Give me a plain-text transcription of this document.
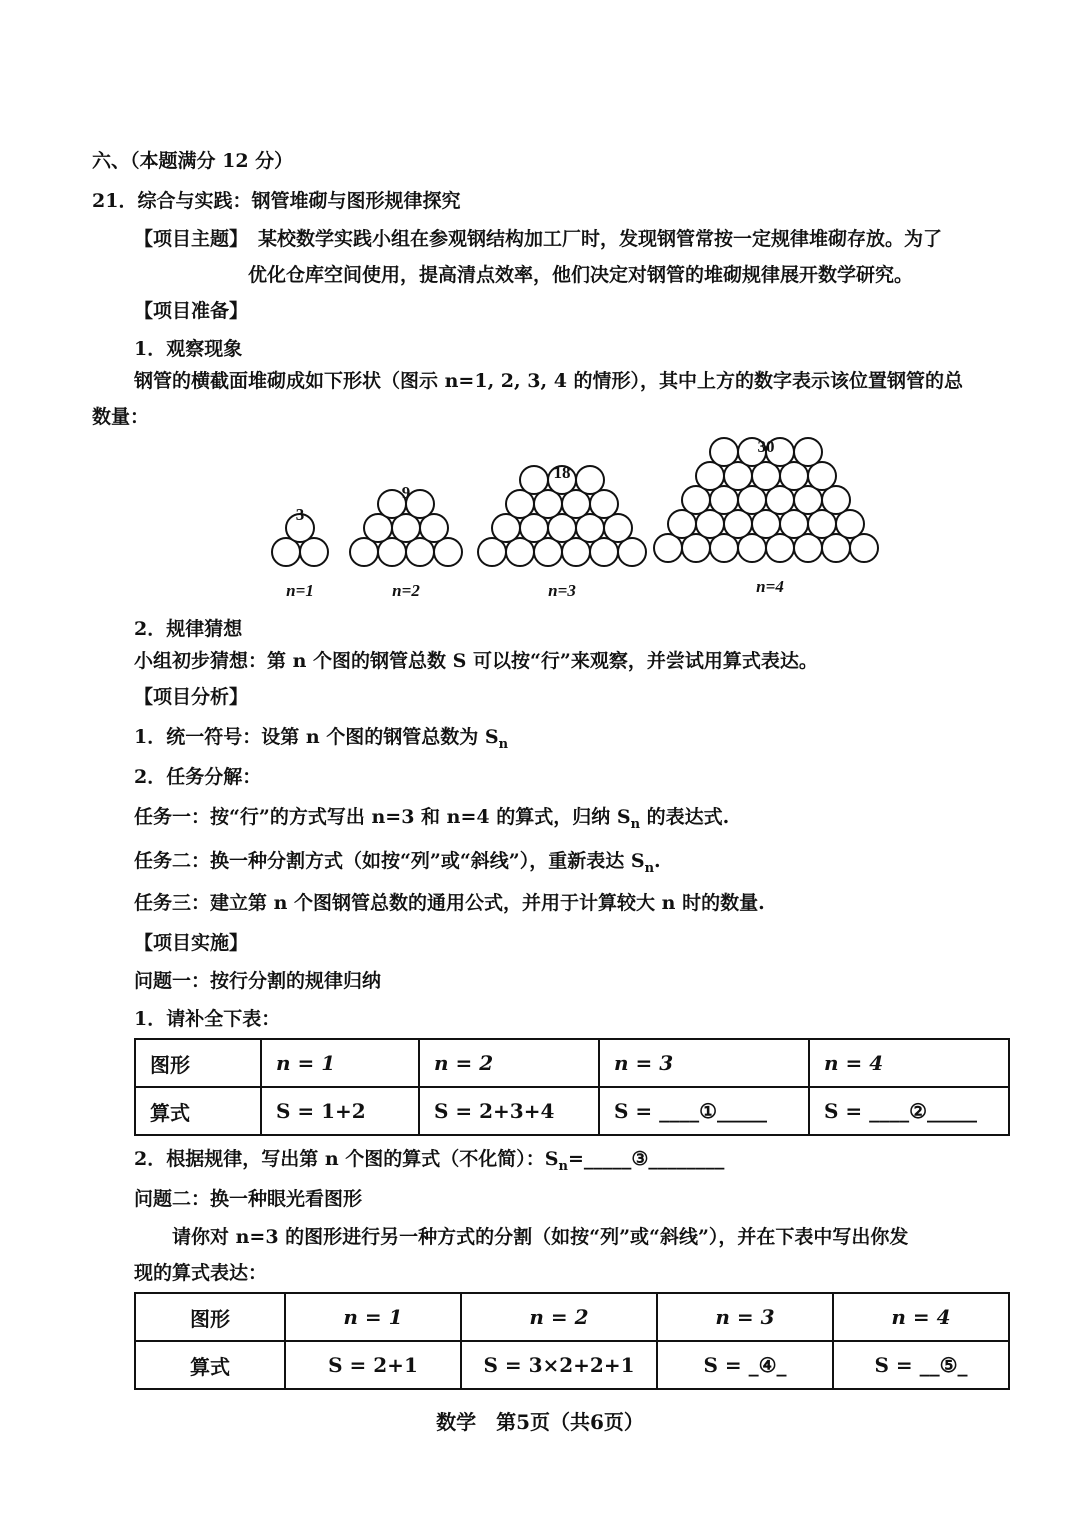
六、（本题满分 12 分）
21．综合与实践：钢管堆砌与图形规律探究
【项目主题】 某校数学实践小组在参观钢结构加工厂时，发现钢管常按一定规律堆砌存放。为了
优化仓库空间使用，提高清点效率，他们决定对钢管的堆砌规律展开数学研究。
【项目准备】
1．观察现象
钢管的横截面堆砌成如下形状（图示 n=1, 2, 3, 4 的情形），其中上方的数字表示该位置钢管的总
数量：
3
9
18
30
n=1	n=2	n=3	n=4
2．规律猜想
小组初步猜想：第 n 个图的钢管总数 S 可以按“行”来观察，并尝试用算式表达。
【项目分析】
1．统一符号：设第 n 个图的钢管总数为 $S_n$
2．任务分解：
任务一：按“行”的方式写出 n=3 和 n=4 的算式，归纳 $S_n$ 的表达式.
任务二：换一种分割方式（如按“列”或“斜线”），重新表达 $S_n$.
任务三：建立第 n 个图钢管总数的通用公式，并用于计算较大 n 时的数量.
【项目实施】
问题一：按行分割的规律归纳
1．请补全下表：
图形	n = 1	n = 2	n = 3	n = 4
算式	S = 1+2	S = 2+3+4	S = ____①_____	S = ____②_____
2．根据规律，写出第 n 个图的算式（不化简）：$S_n=\_\_\_\_\_③\_\_\_\_\_\_\_\_$
问题二：换一种眼光看图形
请你对 n=3 的图形进行另一种方式的分割（如按“列”或“斜线”），并在下表中写出你发
现的算式表达：
图形	n = 1	n = 2	n = 3	n = 4
算式	S = 2+1	S = 3×2+2+1	S = _④_	S = __⑤_
数学　第5页（共6页）
